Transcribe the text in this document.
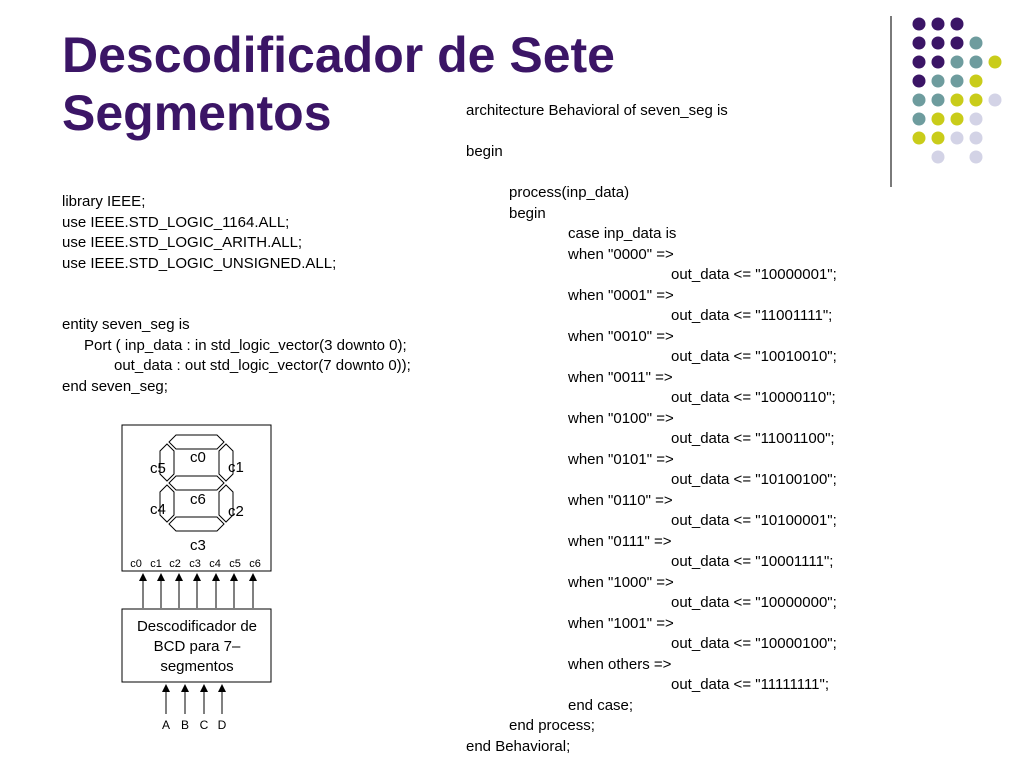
Descodificador de Sete
Segmentos
library IEEE;
use IEEE.STD_LOGIC_1164.ALL;
use IEEE.STD_LOGIC_ARITH.ALL;
use IEEE.STD_LOGIC_UNSIGNED.ALL;
entity seven_seg is
Port ( inp_data : in std_logic_vector(3 downto 0);
out_data : out std_logic_vector(7 downto 0));
end seven_seg;
architecture Behavioral of seven_seg is
begin
process(inp_data)
begin
case inp_data is
when "0000" =>
out_data <= "10000001";
when "0001" =>
out_data <= "11001111";
when "0010" =>
out_data <= "10010010";
when "0011" =>
out_data <= "10000110";
when "0100" =>
out_data <= "11001100";
when "0101" =>
out_data <= "10100100";
when "0110" =>
out_data <= "10100001";
when "0111" =>
out_data <= "10001111";
when "1000" =>
out_data <= "10000000";
when "1001" =>
out_data <= "10000100";
when others =>
out_data <= "11111111";
end case;
end process;
end Behavioral;
c0
c1
c5
c6
c4	c2
c3
c0 c1 c2 c3 c4 c5 c6
Descodificador de
BCD para 7–
segmentos
A B C D
